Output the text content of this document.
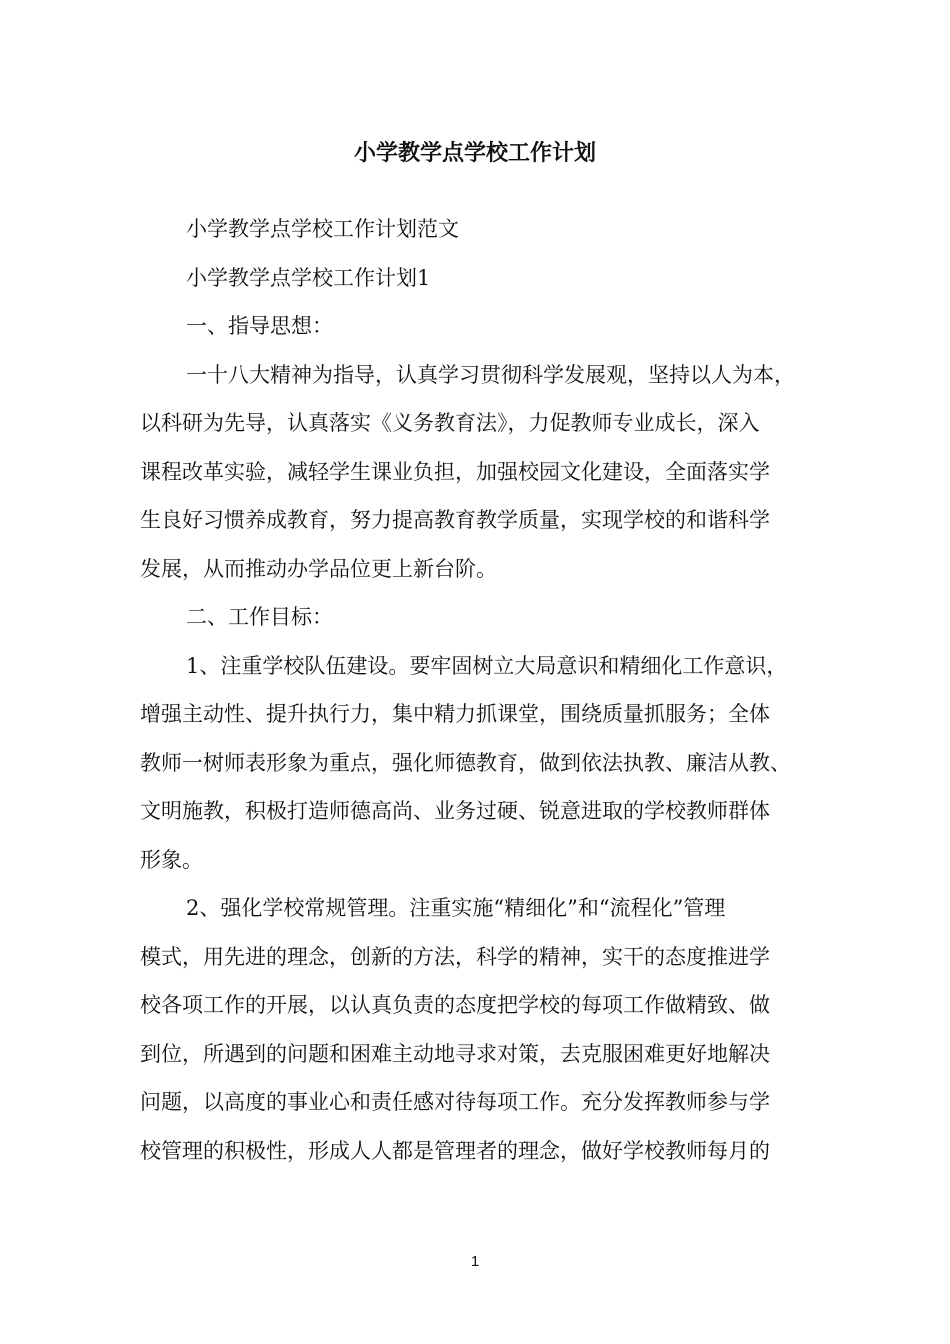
小学教学点学校工作计划
小学教学点学校工作计划范文
小学教学点学校工作计划1
一、指导思想：
一十八大精神为指导，认真学习贯彻科学发展观，坚持以人为本，
以科研为先导，认真落实《义务教育法》，力促教师专业成长，深入
课程改革实验，减轻学生课业负担，加强校园文化建设，全面落实学
生良好习惯养成教育，努力提高教育教学质量，实现学校的和谐科学
发展，从而推动办学品位更上新台阶。
二、工作目标：
1、注重学校队伍建设。要牢固树立大局意识和精细化工作意识，
增强主动性、提升执行力，集中精力抓课堂，围绕质量抓服务；全体
教师一树师表形象为重点，强化师德教育，做到依法执教、廉洁从教、
文明施教，积极打造师德高尚、业务过硬、锐意进取的学校教师群体
形象。
2、强化学校常规管理。注重实施“精细化”和“流程化”管理
模式，用先进的理念，创新的方法，科学的精神，实干的态度推进学
校各项工作的开展，以认真负责的态度把学校的每项工作做精致、做
到位，所遇到的问题和困难主动地寻求对策，去克服困难更好地解决
问题，以高度的事业心和责任感对待每项工作。充分发挥教师参与学
校管理的积极性，形成人人都是管理者的理念，做好学校教师每月的
1
